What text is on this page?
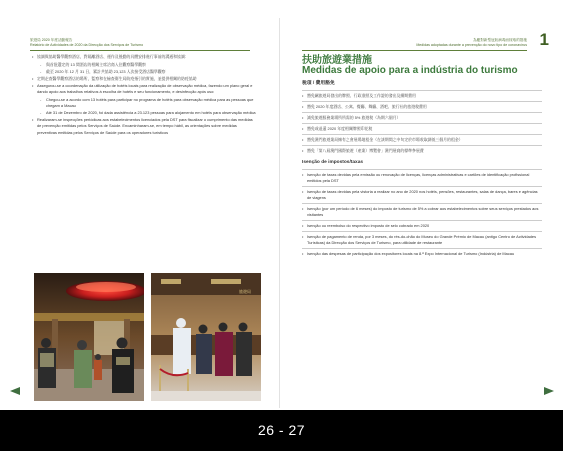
旅遊局 2020 年度活動報告
Relatório de Actividades de 2020 da Direcção dos Serviços de Turismo
• 協調與協助醫學觀察酒店，對隔離酒店、運作及後勤的具體安排進行事前的溝通和協調：
- 與首批選定的 13 間酒店的相關主席洽商入住觀察醫學觀察
- 截至 2020 年 12 月 31 日，累計共協助 23,123 人次接受酒店醫學觀察
• 定期走查醫學觀察酒店的場所，監察和在檢查衞生局防疫指引的實施，並提供相關的防疫協助
• Assegurou-se a coordenação da utilização de hotéis locais para realização de observação médica, fazendo um plano geral e dando apoio aos trabalhos relativos à escolha de hotéis e seu funcionamento, e desinfecção após uso:
- Chegou-se a acordo com 13 hotéis para participar no programa de hotéis para observação médica para as pessoas que chegam a Macau
- Até 31 de Dezembro de 2020, foi dada assistência a 23.123 pessoas para alojamento em hotéis para observação médica
• Realizaram-se inspecções periódicas aos estabelecimentos licenciados pela DST para fiscalizar o cumprimento das medidas de prevenção emitidas pelos Serviços de Saúde. Encaminharam-se, em tempo hábil, as orientações sobre medidas preventivas emitidas pelos Serviços de Saúde para os operadores turísticos
旅遊局
為應對新型冠狀病毒而採取的措施
Medidas adoptadas durante a prevenção do novo tipo de coronavírus 1
扶助旅遊業措施
Medidas de apoio para a indústria do turismo
稅項 / 費用豁免
• 豁免屬旅遊局發出的牌照、行政准照及工作證的發出及續期費用
• 豁免 2020 年度酒店、公寓、餐廳、舞廳、酒吧、旅行社的旅遊稅費用
• 減免旅遊服務業場所所需的 5% 旅遊稅（為期六個月）
• 豁免或退還 2020 年度相關牌照印花稅
• 豁免澳門旅遊業局擁有之會展場地租金（在該期間之中旬定於市場收取調低三個月的租金）
• 豁免「第八屆澳門國際旅遊（產業）博覽會」澳門展商的標準參展費
Isenção de impostos/taxas
• Isenção de taxas devidas pela emissão ou renovação de licenças, licenças administrativas e cartões de identificação profissional emitidos pela DST
• Isenção de taxas devidas pela vistoria a realizar no ano de 2020 nos hotéis, pensões, restaurantes, salas de dança, bares e agências de viagens
• Isenção (por um período de 6 meses) do imposto de turismo de 5% a cobrar aos estabelecimentos sobre seus serviços prestados aos visitantes
• Isenção ou reembolso do respectivo imposto de selo cobrado em 2020
• Isenção de pagamento de renda, por 3 meses, do rés-do-chão do Museu do Grande Prémio de Macau (antigo Centro de Actividades Turísticas) da Direcção dos Serviços de Turismo, para utilidade de restaurante
• Isenção das despesas de participação dos expositores locais na 8.ª Expo Internacional de Turismo (Indústria) de Macau
26 - 27
